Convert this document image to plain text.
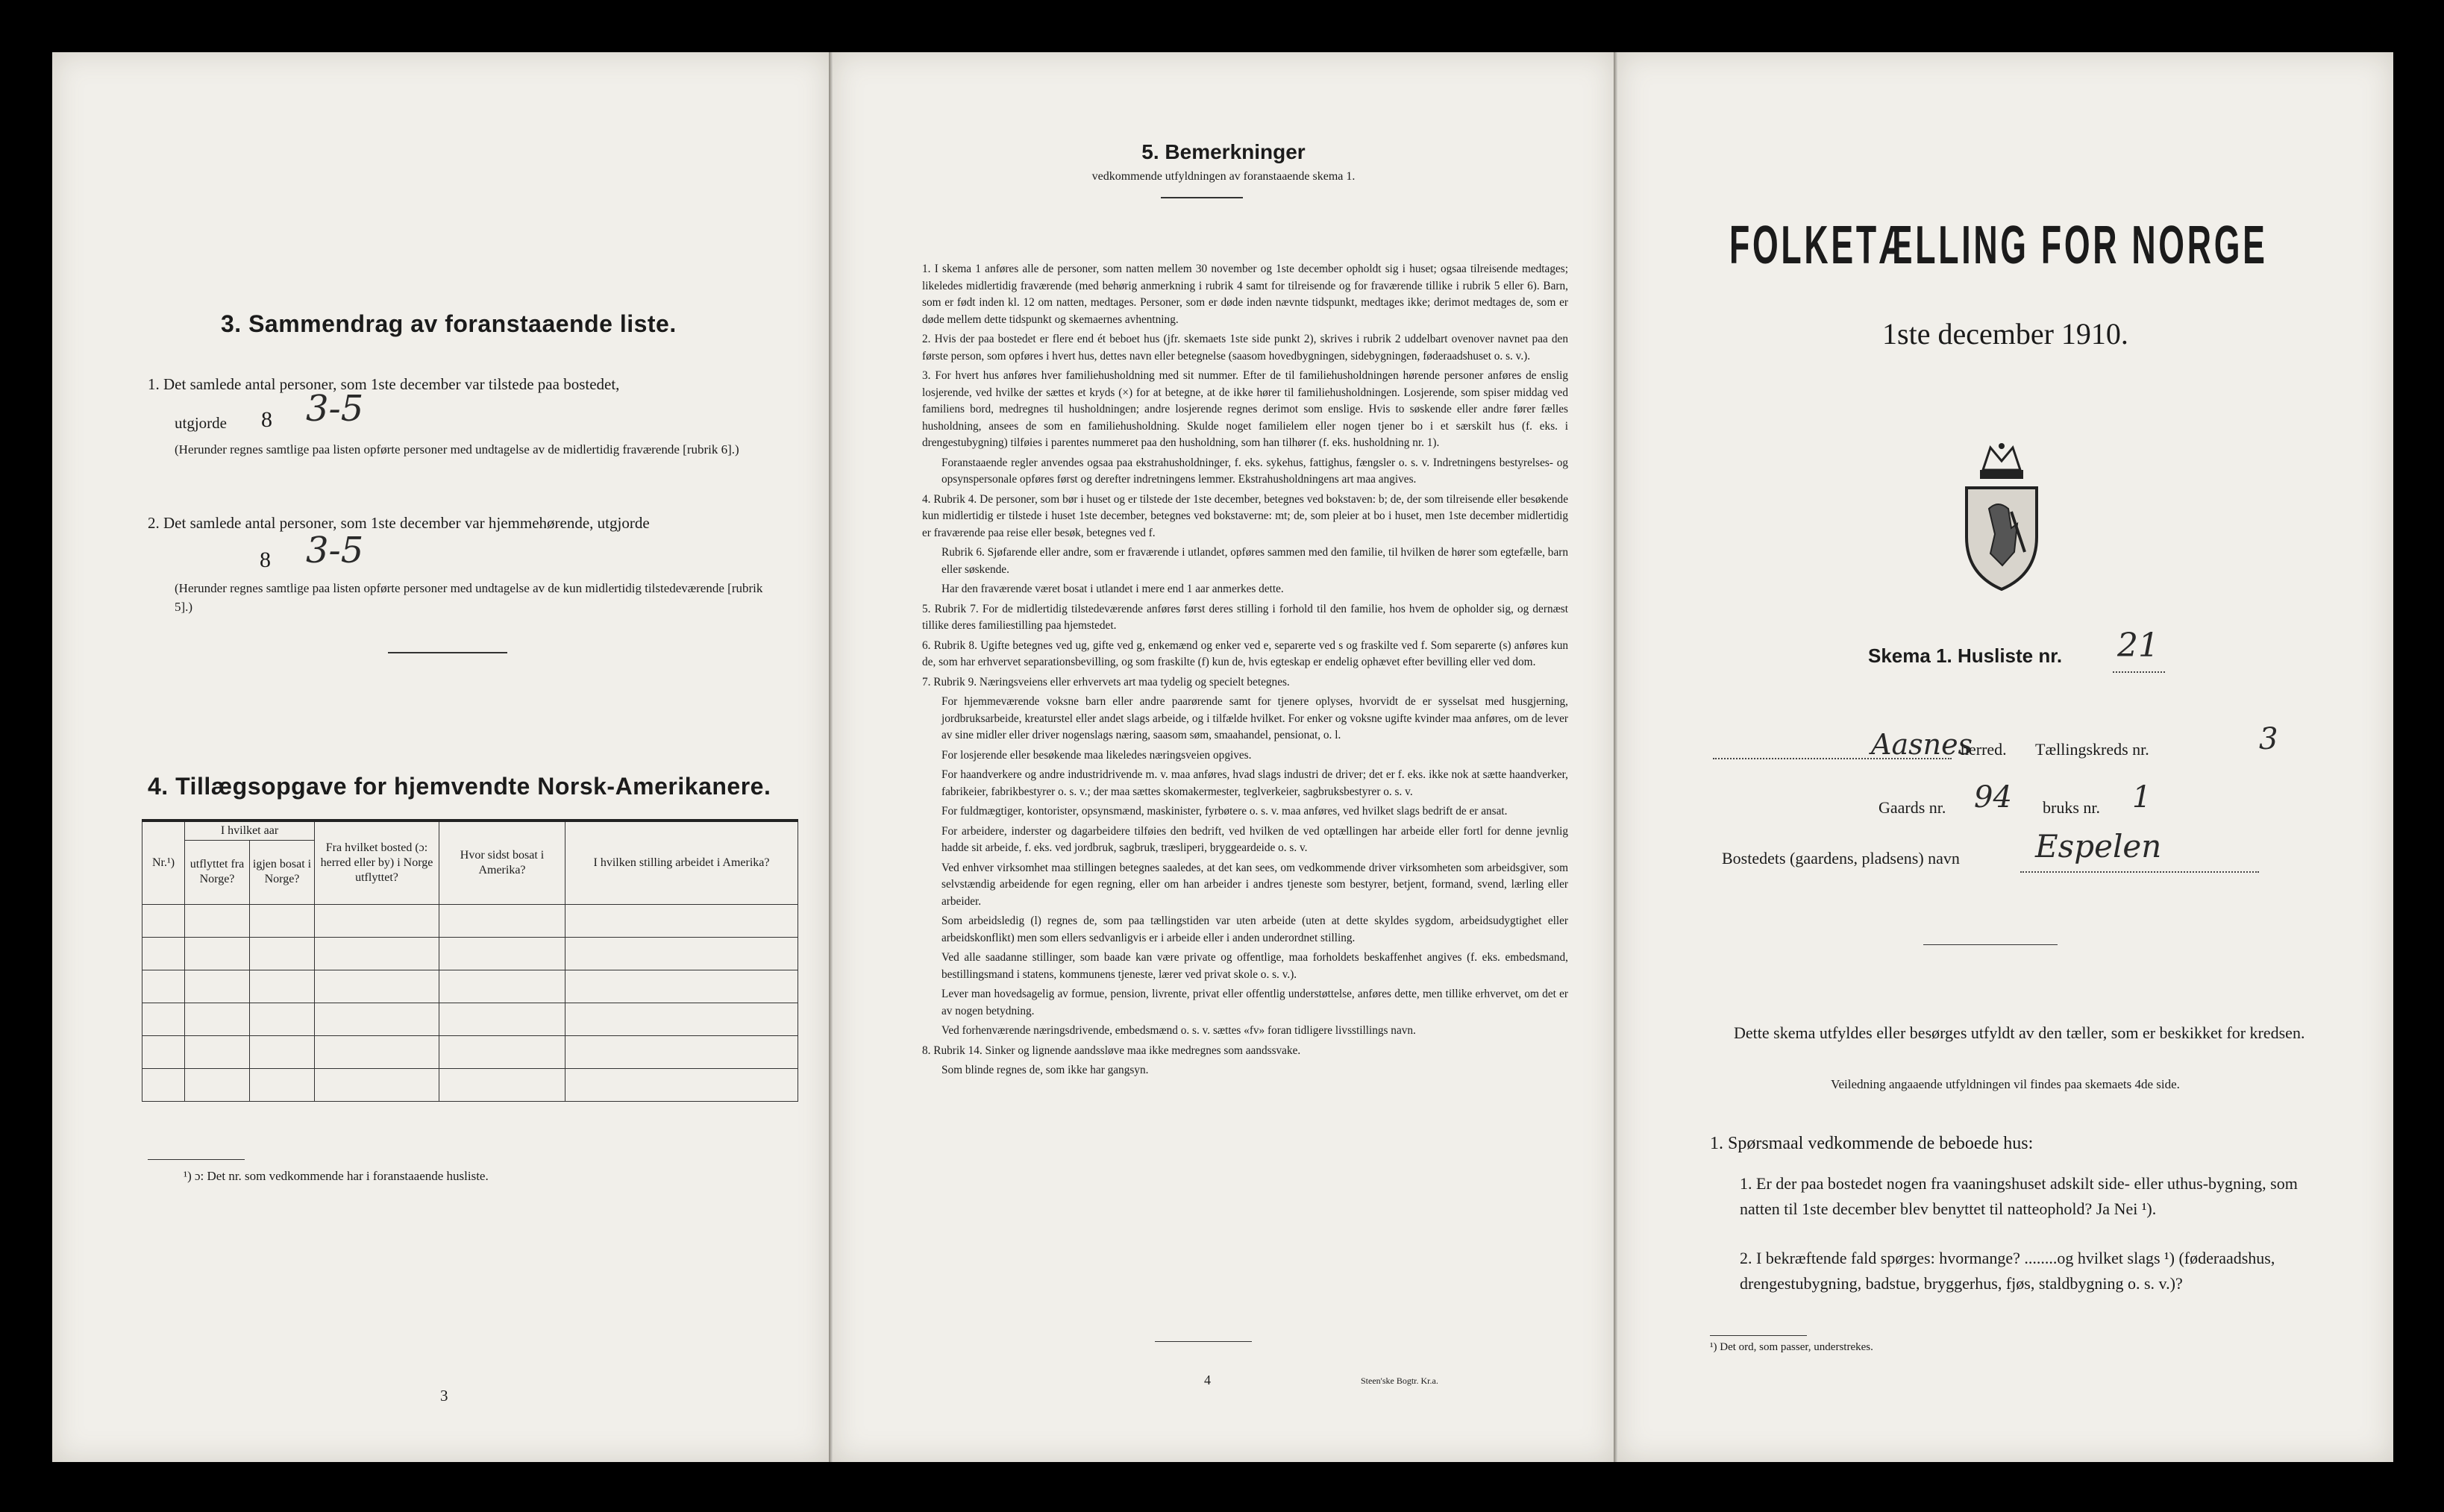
3. Sammendrag av foranstaaende liste.
1. Det samlede antal personer, som 1ste december var tilstede paa bostedet,
utgjorde 8 3-5
(Herunder regnes samtlige paa listen opførte personer med undtagelse av de midlertidig fraværende [rubrik 6].)
2. Det samlede antal personer, som 1ste december var hjemmehørende, utgjorde
8 3-5
(Herunder regnes samtlige paa listen opførte personer med undtagelse av de kun midlertidig tilstedeværende [rubrik 5].)
4. Tillægsopgave for hjemvendte Norsk-Amerikanere.
Nr.¹)	I hvilket aar		Fra hvilket bosted (ɔ: herred eller by) i Norge utflyttet?	Hvor sidst bosat i Amerika?	I hvilken stilling arbeidet i Amerika?
	utflyttet fra Norge?	igjen bosat i Norge?			

¹) ɔ: Det nr. som vedkommende har i foranstaaende husliste.
3
5. Bemerkninger
vedkommende utfyldningen av foranstaaende skema 1.

1. I skema 1 anføres alle de personer, som natten mellem 30 november og 1ste december opholdt sig i huset; ogsaa tilreisende medtages; likeledes midlertidig fraværende (med behørig anmerkning i rubrik 4 samt for tilreisende og for fraværende tillike i rubrik 5 eller 6). Barn, som er født inden kl. 12 om natten, medtages. Personer, som er døde inden nævnte tidspunkt, medtages ikke; derimot medtages de, som er døde mellem dette tidspunkt og skemaernes avhentning.

2. Hvis der paa bostedet er flere end ét beboet hus (jfr. skemaets 1ste side punkt 2), skrives i rubrik 2 uddelbart ovenover navnet paa den første person, som opføres i hvert hus, dettes navn eller betegnelse (saasom hovedbygningen, sidebygningen, føderaadshuset o. s. v.).

3. For hvert hus anføres hver familiehusholdning med sit nummer. Efter de til familiehusholdningen hørende personer anføres de enslig losjerende, ved hvilke der sættes et kryds (×) for at betegne, at de ikke hører til familiehusholdningen. Losjerende, som spiser middag ved familiens bord, medregnes til husholdningen; andre losjerende regnes derimot som enslige. Hvis to søskende eller andre fører fælles husholdning, ansees de som en familiehusholdning. Skulde noget familielem eller nogen tjener bo i et særskilt hus (f. eks. i drengestubygning) tilføies i parentes nummeret paa den husholdning, som han tilhører (f. eks. husholdning nr. 1).

Foranstaaende regler anvendes ogsaa paa ekstrahusholdninger, f. eks. sykehus, fattighus, fængsler o. s. v. Indretningens bestyrelses- og opsynspersonale opføres først og derefter indretningens lemmer. Ekstrahusholdningens art maa angives.

4. Rubrik 4. De personer, som bør i huset og er tilstede der 1ste december, betegnes ved bokstaven: b; de, der som tilreisende eller besøkende kun midlertidig er tilstede i huset 1ste december, betegnes ved bokstaverne: mt; de, som pleier at bo i huset, men 1ste december midlertidig er fraværende paa reise eller besøk, betegnes ved f.

Rubrik 6. Sjøfarende eller andre, som er fraværende i utlandet, opføres sammen med den familie, til hvilken de hører som egtefælle, barn eller søskende.

Har den fraværende været bosat i utlandet i mere end 1 aar anmerkes dette.

5. Rubrik 7. For de midlertidig tilstedeværende anføres først deres stilling i forhold til den familie, hos hvem de opholder sig, og dernæst tillike deres familiestilling paa hjemstedet.

6. Rubrik 8. Ugifte betegnes ved ug, gifte ved g, enkemænd og enker ved e, separerte ved s og fraskilte ved f. Som separerte (s) anføres kun de, som har erhvervet separationsbevilling, og som fraskilte (f) kun de, hvis egteskap er endelig ophævet efter bevilling eller ved dom.

7. Rubrik 9. Næringsveiens eller erhvervets art maa tydelig og specielt betegnes.

For hjemmeværende voksne barn eller andre paarørende samt for tjenere oplyses, hvorvidt de er sysselsat med husgjerning, jordbruksarbeide, kreaturstel eller andet slags arbeide, og i tilfælde hvilket. For enker og voksne ugifte kvinder maa anføres, om de lever av sine midler eller driver nogenslags næring, saasom søm, smaahandel, pensionat, o. l.

For losjerende eller besøkende maa likeledes næringsveien opgives.

For haandverkere og andre industridrivende m. v. maa anføres, hvad slags industri de driver; det er f. eks. ikke nok at sætte haandverker, fabrikeier, fabrikbestyrer o. s. v.; der maa sættes skomakermester, teglverkeier, sagbruksbestyrer o. s. v.

For fuldmægtiger, kontorister, opsynsmænd, maskinister, fyrbøtere o. s. v. maa anføres, ved hvilket slags bedrift de er ansat.

For arbeidere, inderster og dagarbeidere tilføies den bedrift, ved hvilken de ved optællingen har arbeide eller fortl for denne jevnlig hadde sit arbeide, f. eks. ved jordbruk, sagbruk, træsliperi, bryggeardeide o. s. v.

Ved enhver virksomhet maa stillingen betegnes saaledes, at det kan sees, om vedkommende driver virksomheten som arbeidsgiver, som selvstændig arbeidende for egen regning, eller om han arbeider i andres tjeneste som bestyrer, betjent, formand, svend, lærling eller arbeider.

Som arbeidsledig (l) regnes de, som paa tællingstiden var uten arbeide (uten at dette skyldes sygdom, arbeidsudygtighet eller arbeidskonflikt) men som ellers sedvanligvis er i arbeide eller i anden underordnet stilling.

Ved alle saadanne stillinger, som baade kan være private og offentlige, maa forholdets beskaffenhet angives (f. eks. embedsmand, bestillingsmand i statens, kommunens tjeneste, lærer ved privat skole o. s. v.).

Lever man hovedsagelig av formue, pension, livrente, privat eller offentlig understøttelse, anføres dette, men tillike erhvervet, om det er av nogen betydning.

Ved forhenværende næringsdrivende, embedsmænd o. s. v. sættes «fv» foran tidligere livsstillings navn.

8. Rubrik 14. Sinker og lignende aandssløve maa ikke medregnes som aandssvake.

Som blinde regnes de, som ikke har gangsyn.

4	Steen'ske Bogtr. Kr.a.
FOLKETÆLLING FOR NORGE
1ste december 1910.
Skema 1. Husliste nr. 21
Aasnes
herred. Tællingskreds nr.	3
Gaards nr. 94 bruks nr. 1
Bostedets (gaardens, pladsens) navn Espelen
Dette skema utfyldes eller besørges utfyldt av den tæller, som er beskikket for kredsen.
Veiledning angaaende utfyldningen vil findes paa skemaets 4de side.
1. Spørsmaal vedkommende de beboede hus:
1. Er der paa bostedet nogen fra vaaningshuset adskilt side- eller uthus-bygning, som natten til 1ste december blev benyttet til natteophold? Ja Nei ¹).
2. I bekræftende fald spørges: hvormange? ........og hvilket slags ¹) (føderaadshus, drengestubygning, badstue, bryggerhus, fjøs, staldbygning o. s. v.)?
¹) Det ord, som passer, understrekes.
